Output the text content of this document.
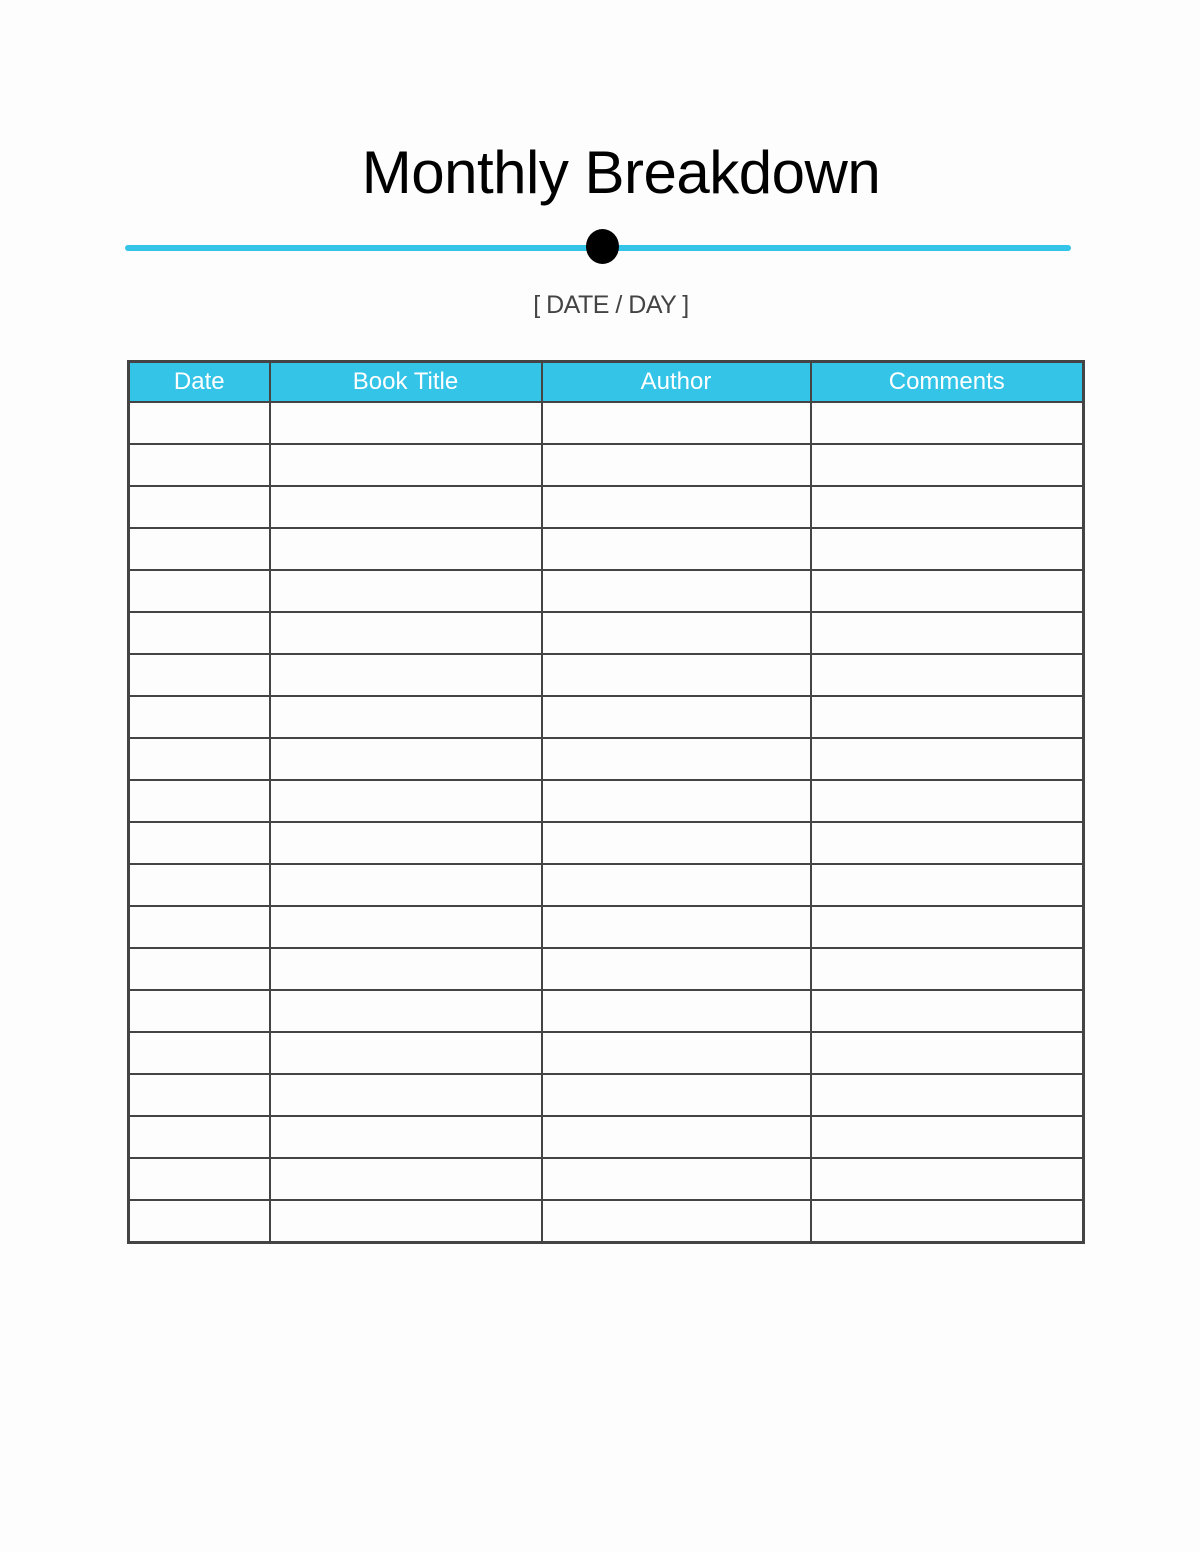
Monthly Breakdown
[ DATE / DAY ]
Date	Book Title	Author	Comments
